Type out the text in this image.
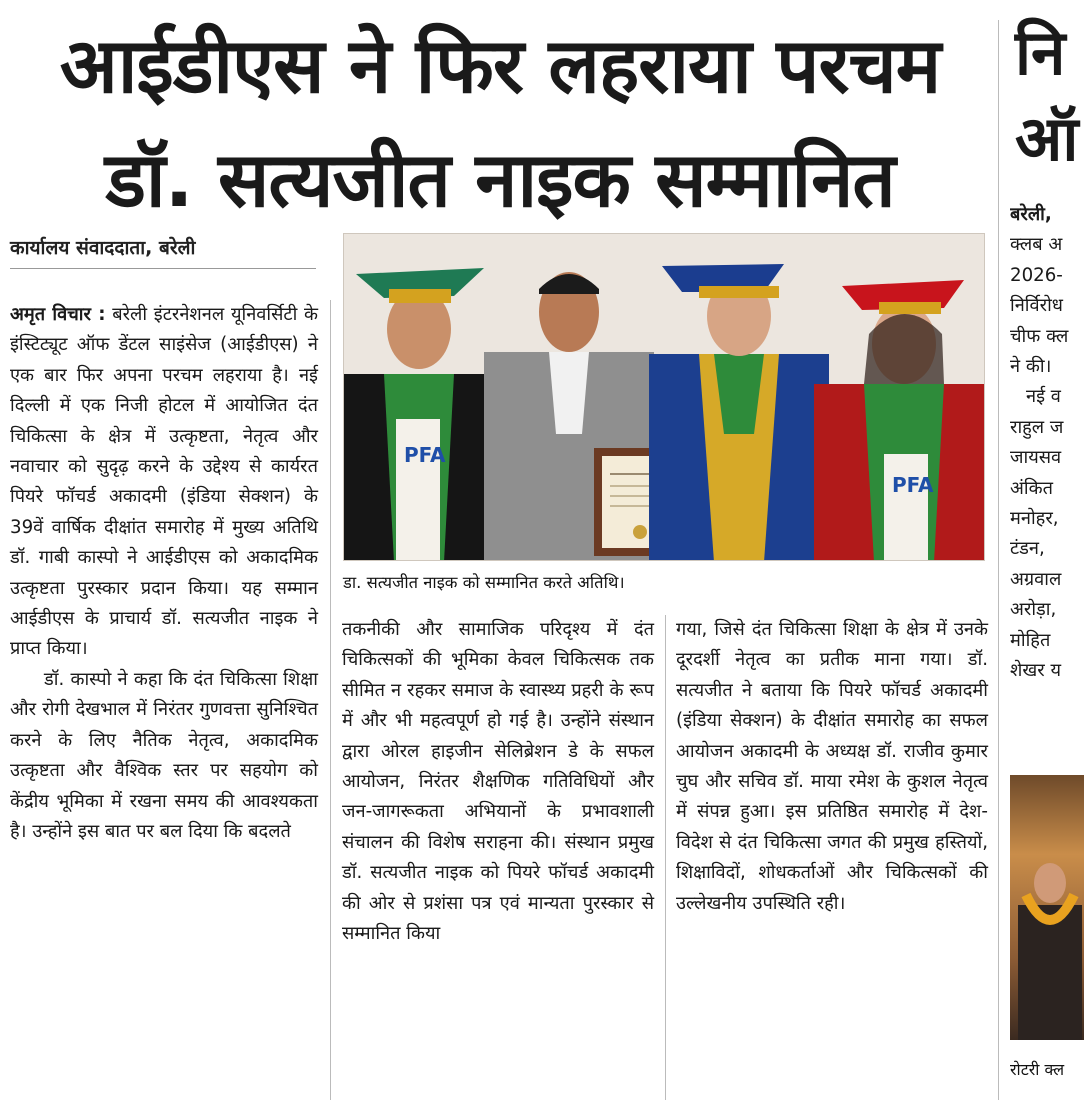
आईडीएस ने फिर लहराया परचम
डॉ. सत्यजीत नाइक सम्मानित
कार्यालय संवाददाता, बरेली

अमृत विचार : बरेली इंटरनेशनल यूनिवर्सिटी के इंस्टिट्यूट ऑफ डेंटल साइंसेज (आईडीएस) ने एक बार फिर अपना परचम लहराया है। नई दिल्ली में एक निजी होटल में आयोजित दंत चिकित्सा के क्षेत्र में उत्कृष्टता, नेतृत्व और नवाचार को सुदृढ़ करने के उद्देश्य से कार्यरत पियरे फॉचर्ड अकादमी (इंडिया सेक्शन) के 39वें वार्षिक दीक्षांत समारोह में मुख्य अतिथि डॉ. गाबी कास्पो ने आईडीएस को अकादमिक उत्कृष्टता पुरस्कार प्रदान किया। यह सम्मान आईडीएस के प्राचार्य डॉ. सत्यजीत नाइक ने प्राप्त किया।

डॉ. कास्पो ने कहा कि दंत चिकित्सा शिक्षा और रोगी देखभाल में निरंतर गुणवत्ता सुनिश्चित करने के लिए नैतिक नेतृत्व, अकादमिक उत्कृष्टता और वैश्विक स्तर पर सहयोग को केंद्रीय भूमिका में रखना समय की आवश्यकता है। उन्होंने इस बात पर बल दिया कि बदलते

PFA
PFA
डा. सत्यजीत नाइक को सम्मानित करते अतिथि।
तकनीकी और सामाजिक परिदृश्य में दंत चिकित्सकों की भूमिका केवल चिकित्सक तक सीमित न रहकर समाज के स्वास्थ्य प्रहरी के रूप में और भी महत्वपूर्ण हो गई है। उन्होंने संस्थान द्वारा ओरल हाइजीन सेलिब्रेशन डे के सफल आयोजन, निरंतर शैक्षणिक गतिविधियों और जन-जागरूकता अभियानों के प्रभावशाली संचालन की विशेष सराहना की। संस्थान प्रमुख डॉ. सत्यजीत नाइक को पियरे फॉचर्ड अकादमी की ओर से प्रशंसा पत्र एवं मान्यता पुरस्कार से सम्मानित किया
गया, जिसे दंत चिकित्सा शिक्षा के क्षेत्र में उनके दूरदर्शी नेतृत्व का प्रतीक माना गया। डॉ. सत्यजीत ने बताया कि पियरे फॉचर्ड अकादमी (इंडिया सेक्शन) के दीक्षांत समारोह का सफल आयोजन अकादमी के अध्यक्ष डॉ. राजीव कुमार चुघ और सचिव डॉ. माया रमेश के कुशल नेतृत्व में संपन्न हुआ। इस प्रतिष्ठित समारोह में देश-विदेश से दंत चिकित्सा जगत की प्रमुख हस्तियों, शिक्षाविदों, शोधकर्ताओं और चिकित्सकों की उल्लेखनीय उपस्थिति रही।
नि
ऑ
बरेली,
क्लब अ
2026-
निर्विरोध
चीफ क्ल
ने की।
नई व
राहुल ज
जायसव
अंकित
मनोहर,
टंडन,
अग्रवाल
अरोड़ा,
मोहित
शेखर य
रोटरी क्ल
